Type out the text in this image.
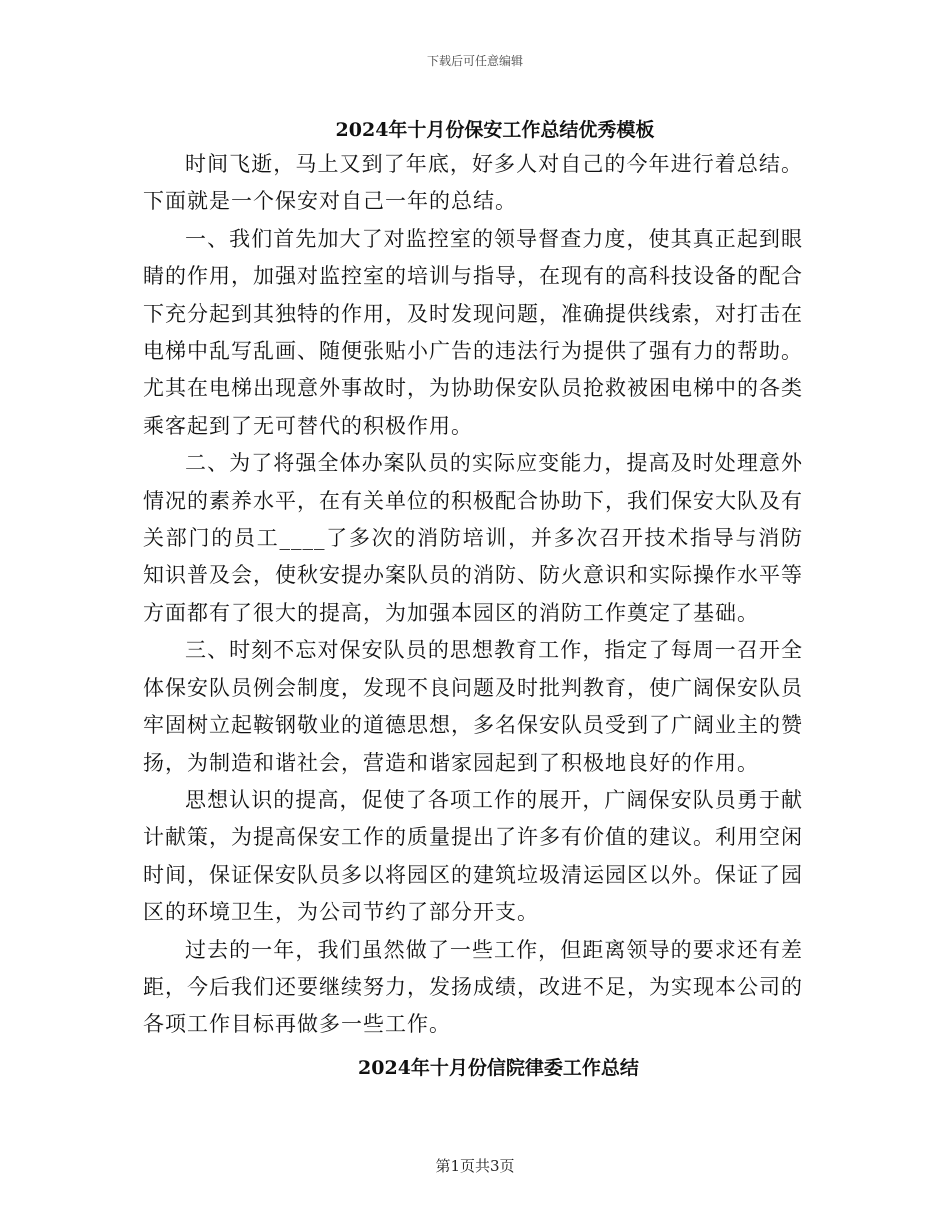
下载后可任意编辑
2024年十月份保安工作总结优秀模板

时间飞逝，马上又到了年底，好多人对自己的今年进行着总结。下面就是一个保安对自己一年的总结。

一、我们首先加大了对监控室的领导督查力度，使其真正起到眼睛的作用，加强对监控室的培训与指导，在现有的高科技设备的配合下充分起到其独特的作用，及时发现问题，准确提供线索，对打击在电梯中乱写乱画、随便张贴小广告的违法行为提供了强有力的帮助。尤其在电梯出现意外事故时，为协助保安队员抢救被困电梯中的各类乘客起到了无可替代的积极作用。

二、为了将强全体办案队员的实际应变能力，提高及时处理意外情况的素养水平，在有关单位的积极配合协助下，我们保安大队及有关部门的员工____了多次的消防培训，并多次召开技术指导与消防知识普及会，使秋安提办案队员的消防、防火意识和实际操作水平等方面都有了很大的提高，为加强本园区的消防工作奠定了基础。

三、时刻不忘对保安队员的思想教育工作，指定了每周一召开全体保安队员例会制度，发现不良问题及时批判教育，使广阔保安队员牢固树立起鞍钢敬业的道德思想，多名保安队员受到了广阔业主的赞扬，为制造和谐社会，营造和谐家园起到了积极地良好的作用。

思想认识的提高，促使了各项工作的展开，广阔保安队员勇于献计献策，为提高保安工作的质量提出了许多有价值的建议。利用空闲时间，保证保安队员多以将园区的建筑垃圾清运园区以外。保证了园区的环境卫生，为公司节约了部分开支。

过去的一年，我们虽然做了一些工作，但距离领导的要求还有差距，今后我们还要继续努力，发扬成绩，改进不足，为实现本公司的各项工作目标再做多一些工作。

2024年十月份信院律委工作总结
第1页共3页
